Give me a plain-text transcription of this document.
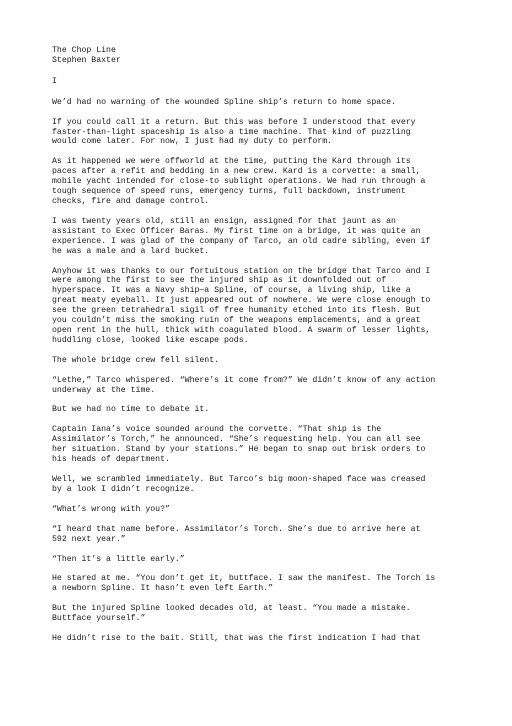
The Chop Line
Stephen Baxter
I

We’d had no warning of the wounded Spline ship’s return to home space.

If you could call it a return. But this was before I understood that every
faster-than-light spaceship is also a time machine. That kind of puzzling
would come later. For now, I just had my duty to perform.

As it happened we were offworld at the time, putting the Kard through its
paces after a refit and bedding in a new crew. Kard is a corvette: a small,
mobile yacht intended for close-to sublight operations. We had run through a
tough sequence of speed runs, emergency turns, full backdown, instrument
checks, fire and damage control.

I was twenty years old, still an ensign, assigned for that jaunt as an
assistant to Exec Officer Baras. My first time on a bridge, it was quite an
experience. I was glad of the company of Tarco, an old cadre sibling, even if
he was a male and a lard bucket.

Anyhow it was thanks to our fortuitous station on the bridge that Tarco and I
were among the first to see the injured ship as it downfolded out of
hyperspace. It was a Navy ship—a Spline, of course, a living ship, like a
great meaty eyeball. It just appeared out of nowhere. We were close enough to
see the green tetrahedral sigil of free humanity etched into its flesh. But
you couldn’t miss the smoking ruin of the weapons emplacements, and a great
open rent in the hull, thick with coagulated blood. A swarm of lesser lights,
huddling close, looked like escape pods.

The whole bridge crew fell silent.

“Lethe,” Tarco whispered. “Where’s it come from?” We didn’t know of any action
underway at the time.

But we had no time to debate it.

Captain Iana’s voice sounded around the corvette. “That ship is the
Assimilator’s Torch,” he announced. “She’s requesting help. You can all see
her situation. Stand by your stations.” He began to snap out brisk orders to
his heads of department.

Well, we scrambled immediately. But Tarco’s big moon-shaped face was creased
by a look I didn’t recognize.

“What’s wrong with you?”

“I heard that name before. Assimilator’s Torch. She’s due to arrive here at
592 next year.”

“Then it’s a little early.”

He stared at me. “You don’t get it, buttface. I saw the manifest. The Torch is
a newborn Spline. It hasn’t even left Earth.”

But the injured Spline looked decades old, at least. “You made a mistake.
Buttface yourself.”

He didn’t rise to the bait. Still, that was the first indication I had that
